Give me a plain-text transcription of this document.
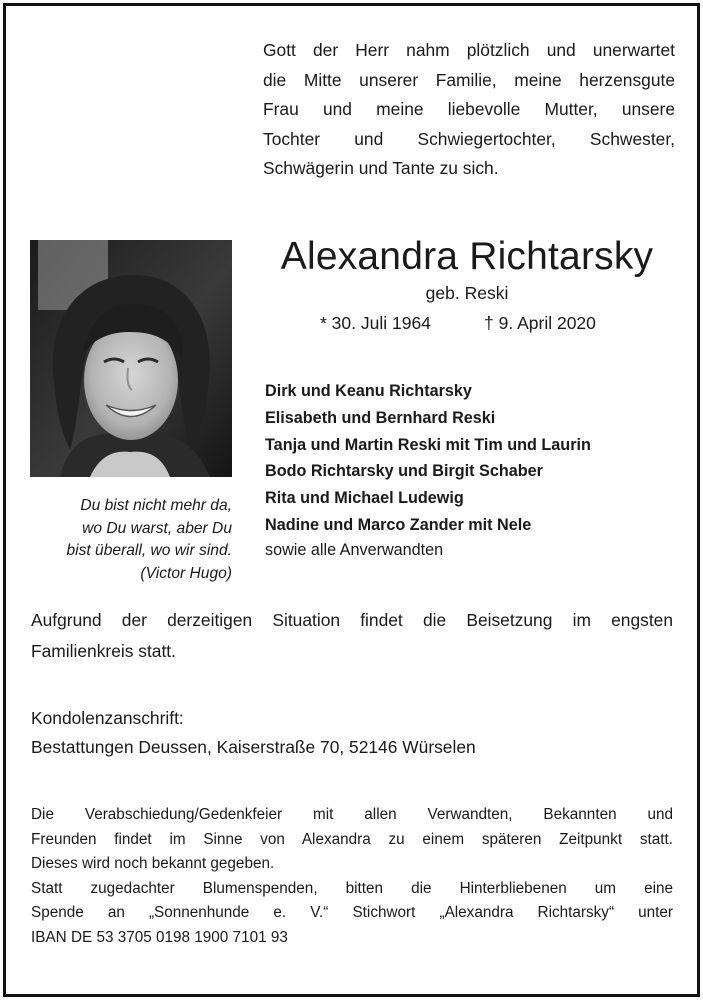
Gott der Herr nahm plötzlich und unerwartet
die Mitte unserer Familie, meine herzensgute
Frau und meine liebevolle Mutter, unsere
Tochter und Schwiegertochter, Schwester,
Schwägerin und Tante zu sich.
Du bist nicht mehr da,
wo Du warst, aber Du
bist überall, wo wir sind.
(Victor Hugo)
Alexandra Richtarsky
geb. Reski
* 30. Juli 1964	† 9. April 2020
Dirk und Keanu Richtarsky
Elisabeth und Bernhard Reski
Tanja und Martin Reski mit Tim und Laurin
Bodo Richtarsky und Birgit Schaber
Rita und Michael Ludewig
Nadine und Marco Zander mit Nele
sowie alle Anverwandten
Aufgrund der derzeitigen Situation findet die Beisetzung im engsten
Familienkreis statt.
Kondolenzanschrift:
Bestattungen Deussen, Kaiserstraße 70, 52146 Würselen
Die Verabschiedung/Gedenkfeier mit allen Verwandten, Bekannten und
Freunden findet im Sinne von Alexandra zu einem späteren Zeitpunkt statt.
Dieses wird noch bekannt gegeben.
Statt zugedachter Blumenspenden, bitten die Hinterbliebenen um eine
Spende an „Sonnenhunde e. V.“ Stichwort „Alexandra Richtarsky“ unter
IBAN DE 53 3705 0198 1900 7101 93
